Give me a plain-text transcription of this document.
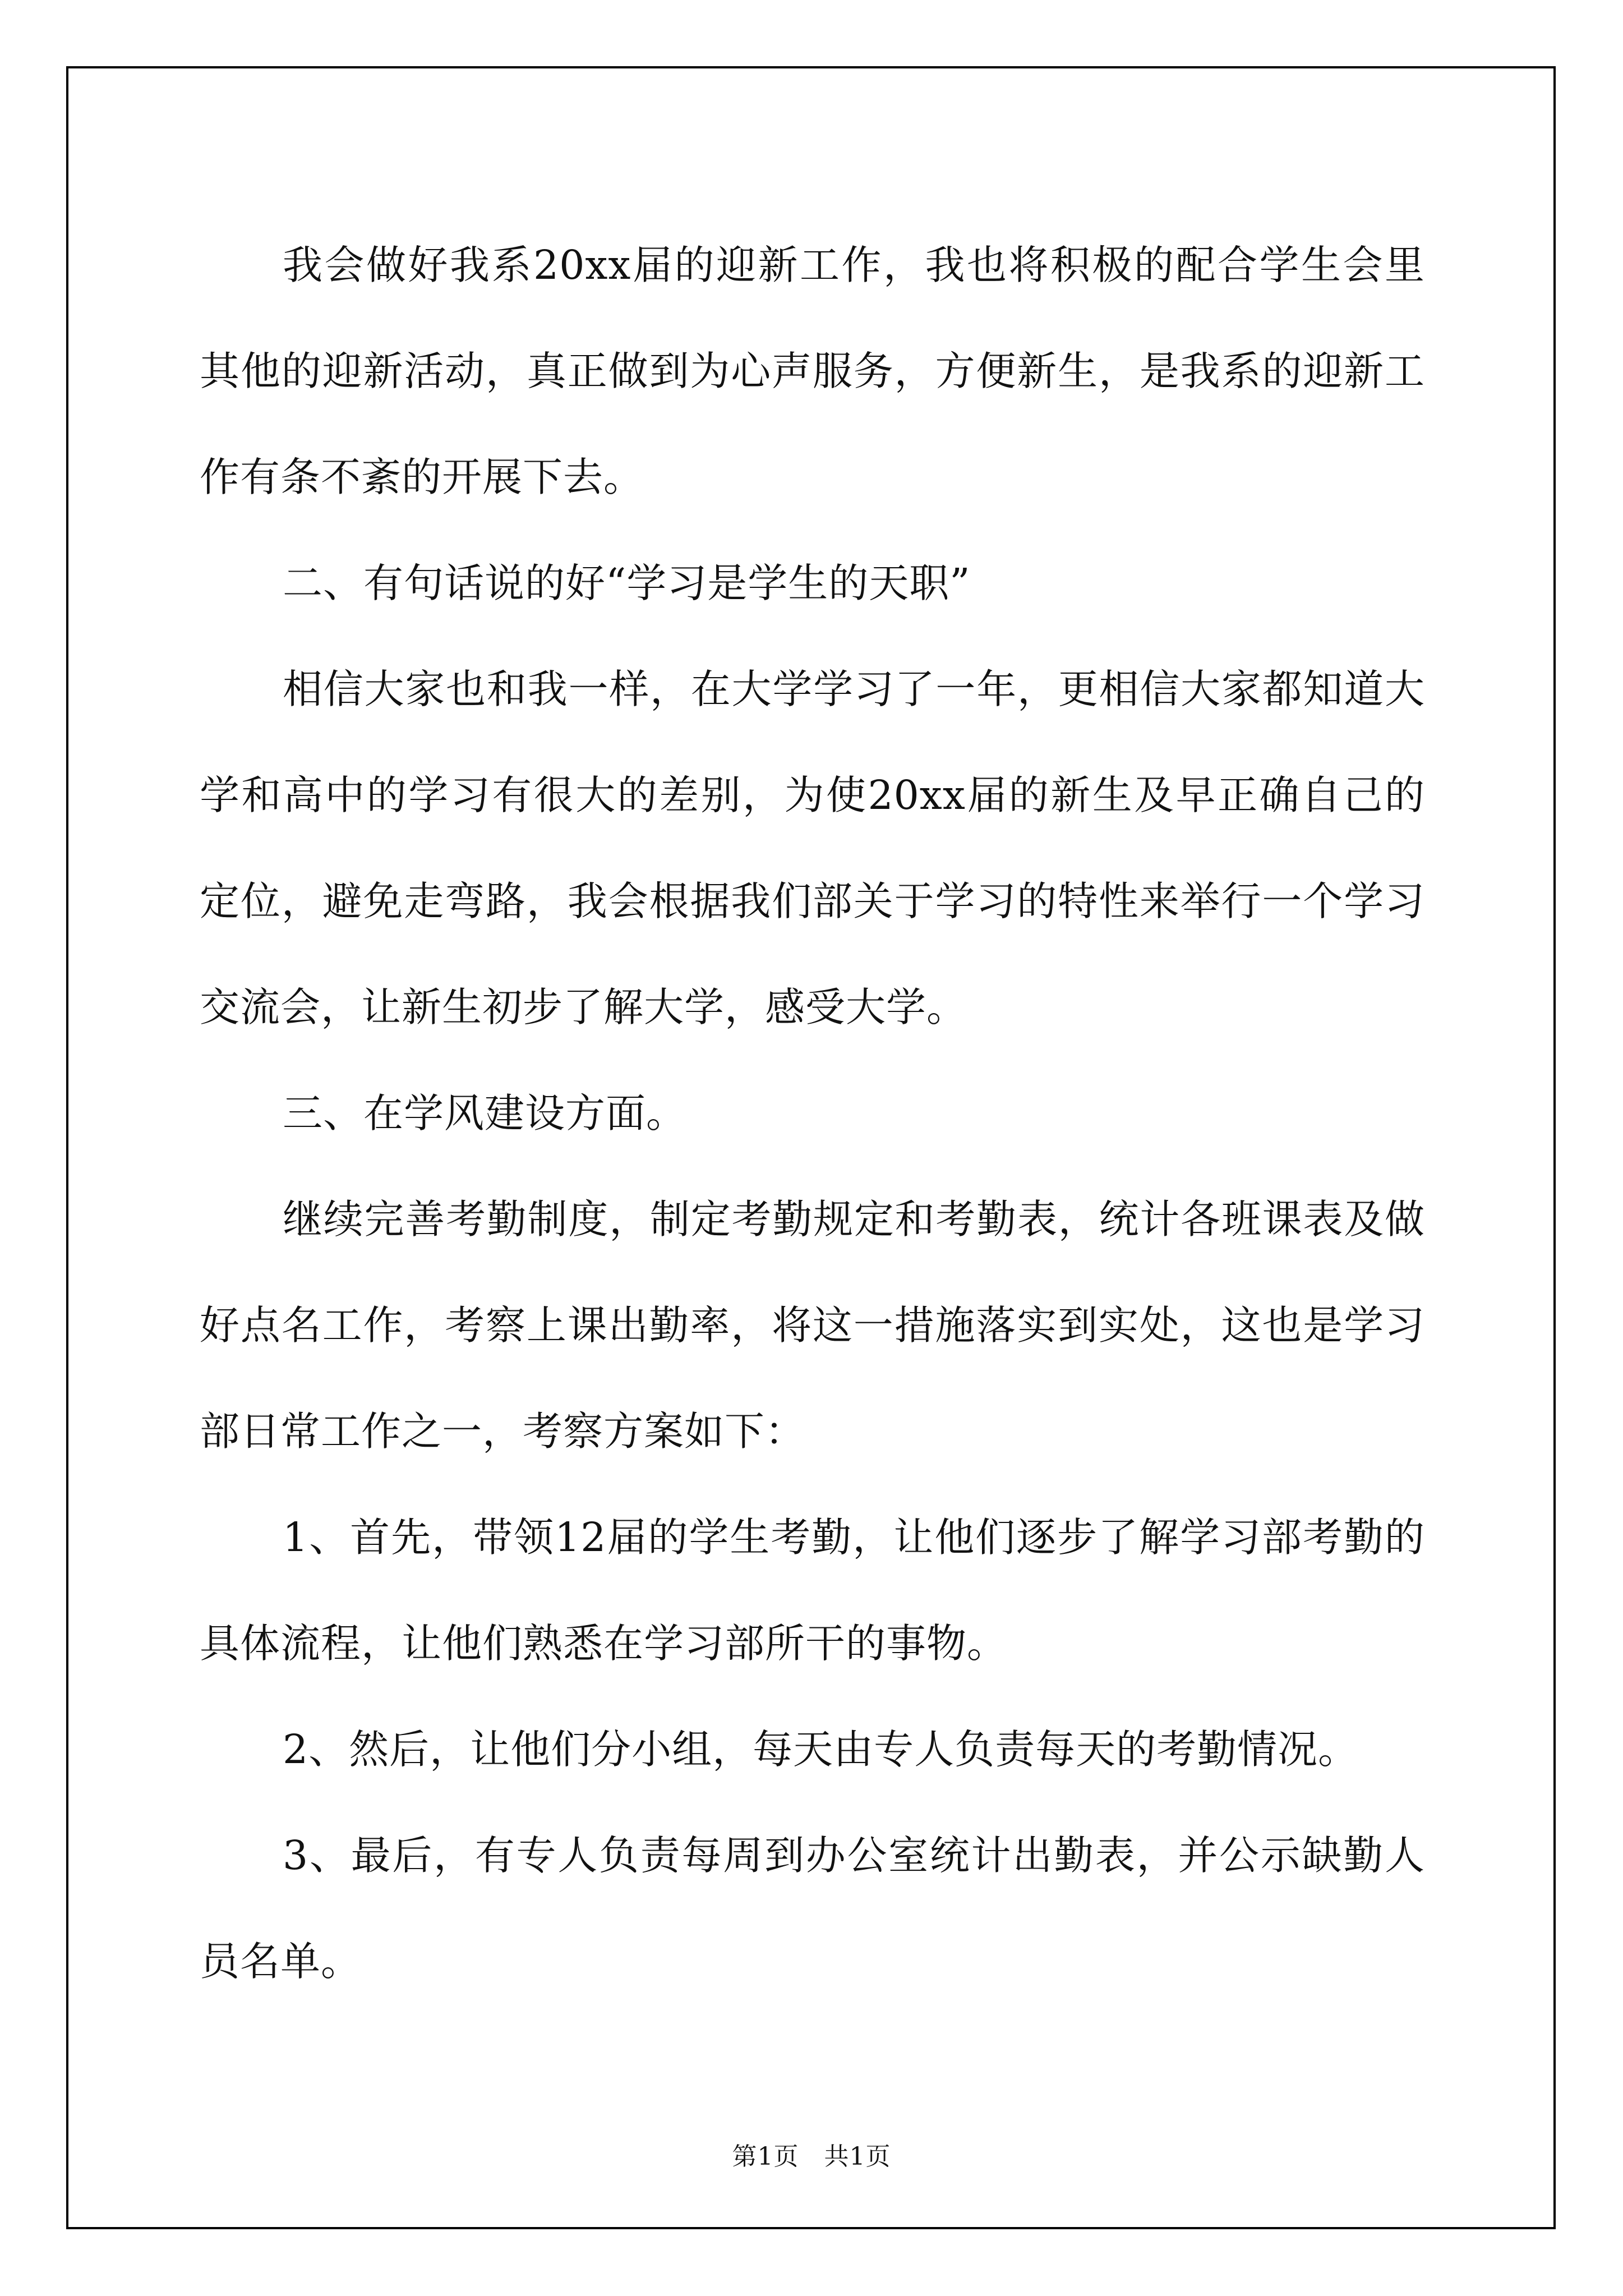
我会做好我系20xx届的迎新工作，我也将积极的配合学生会里其他的迎新活动，真正做到为心声服务，方便新生，是我系的迎新工作有条不紊的开展下去。

二、有句话说的好“学习是学生的天职”

相信大家也和我一样，在大学学习了一年，更相信大家都知道大学和高中的学习有很大的差别，为使20xx届的新生及早正确自己的定位，避免走弯路，我会根据我们部关于学习的特性来举行一个学习交流会，让新生初步了解大学，感受大学。

三、在学风建设方面。

继续完善考勤制度，制定考勤规定和考勤表，统计各班课表及做好点名工作，考察上课出勤率，将这一措施落实到实处，这也是学习部日常工作之一，考察方案如下：

1、首先，带领12届的学生考勤，让他们逐步了解学习部考勤的具体流程，让他们熟悉在学习部所干的事物。

2、然后，让他们分小组，每天由专人负责每天的考勤情况。

3、最后，有专人负责每周到办公室统计出勤表，并公示缺勤人员名单。

第1页　共1页
